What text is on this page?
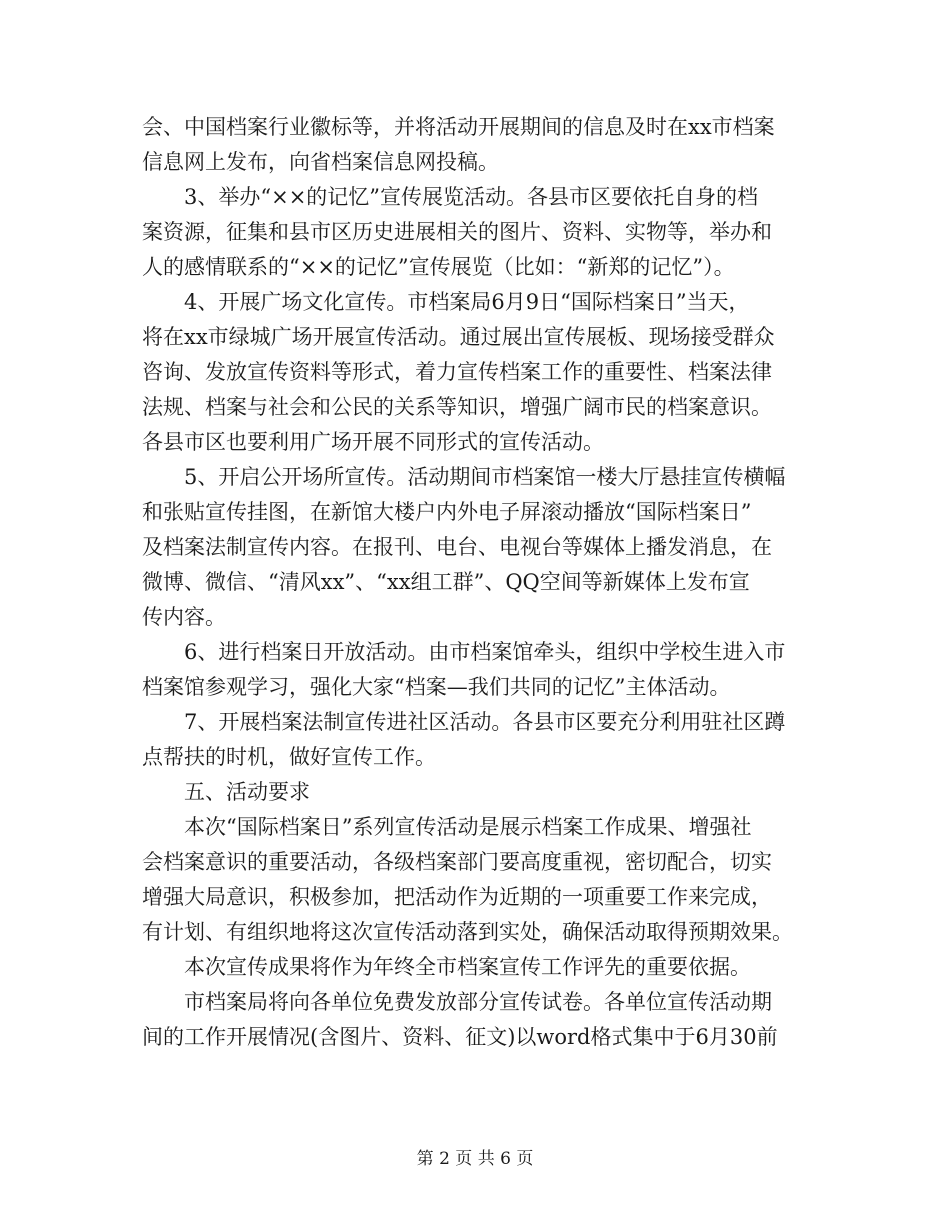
会、中国档案行业徽标等，并将活动开展期间的信息及时在xx市档案
信息网上发布，向省档案信息网投稿。
3、举办“××的记忆”宣传展览活动。各县市区要依托自身的档
案资源，征集和县市区历史进展相关的图片、资料、实物等，举办和
人的感情联系的“××的记忆”宣传展览（比如：“新郑的记忆”）。
4、开展广场文化宣传。市档案局6月9日“国际档案日”当天，
将在xx市绿城广场开展宣传活动。通过展出宣传展板、现场接受群众
咨询、发放宣传资料等形式，着力宣传档案工作的重要性、档案法律
法规、档案与社会和公民的关系等知识，增强广阔市民的档案意识。
各县市区也要利用广场开展不同形式的宣传活动。
5、开启公开场所宣传。活动期间市档案馆一楼大厅悬挂宣传横幅
和张贴宣传挂图，在新馆大楼户内外电子屏滚动播放“国际档案日”
及档案法制宣传内容。在报刊、电台、电视台等媒体上播发消息，在
微博、微信、“清风xx”、“xx组工群”、QQ空间等新媒体上发布宣
传内容。
6、进行档案日开放活动。由市档案馆牵头，组织中学校生进入市
档案馆参观学习，强化大家“档案—我们共同的记忆”主体活动。
7、开展档案法制宣传进社区活动。各县市区要充分利用驻社区蹲
点帮扶的时机，做好宣传工作。
五、活动要求
本次“国际档案日”系列宣传活动是展示档案工作成果、增强社
会档案意识的重要活动，各级档案部门要高度重视，密切配合，切实
增强大局意识，积极参加，把活动作为近期的一项重要工作来完成，
有计划、有组织地将这次宣传活动落到实处，确保活动取得预期效果。
本次宣传成果将作为年终全市档案宣传工作评先的重要依据。
市档案局将向各单位免费发放部分宣传试卷。各单位宣传活动期
间的工作开展情况(含图片、资料、征文)以word格式集中于6月30前
第 2 页 共 6 页
